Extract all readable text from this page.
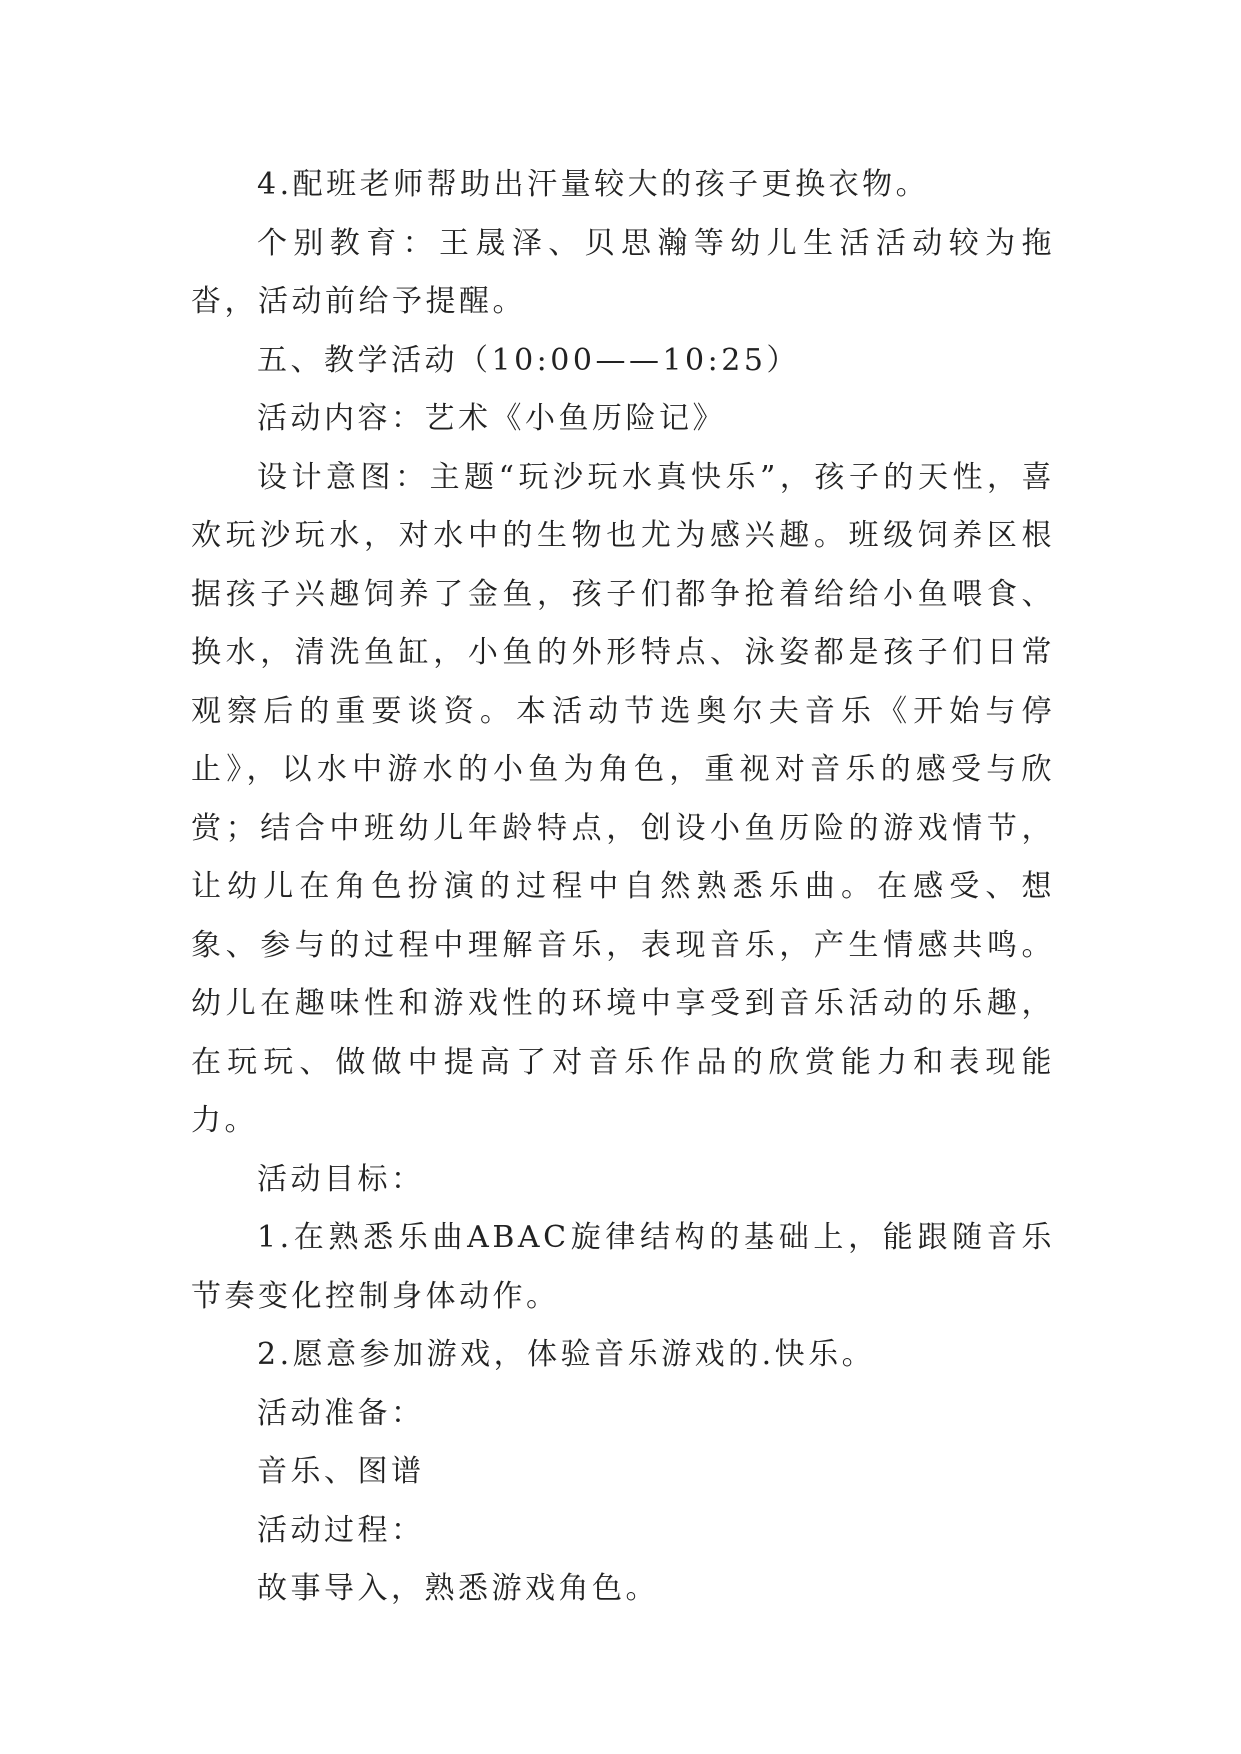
4.配班老师帮助出汗量较大的孩子更换衣物。

个别教育：王晟泽、贝思瀚等幼儿生活活动较为拖沓，活动前给予提醒。

五、教学活动（10:00——10:25）

活动内容：艺术《小鱼历险记》

设计意图：主题“玩沙玩水真快乐”，孩子的天性，喜欢玩沙玩水，对水中的生物也尤为感兴趣。班级饲养区根据孩子兴趣饲养了金鱼，孩子们都争抢着给给小鱼喂食、换水，清洗鱼缸，小鱼的外形特点、泳姿都是孩子们日常观察后的重要谈资。本活动节选奥尔夫音乐《开始与停止》，以水中游水的小鱼为角色，重视对音乐的感受与欣赏；结合中班幼儿年龄特点，创设小鱼历险的游戏情节，让幼儿在角色扮演的过程中自然熟悉乐曲。在感受、想象、参与的过程中理解音乐，表现音乐，产生情感共鸣。幼儿在趣味性和游戏性的环境中享受到音乐活动的乐趣，在玩玩、做做中提高了对音乐作品的欣赏能力和表现能力。

活动目标：

1.在熟悉乐曲ABAC旋律结构的基础上，能跟随音乐节奏变化控制身体动作。

2.愿意参加游戏，体验音乐游戏的.快乐。

活动准备：

音乐、图谱

活动过程：

故事导入，熟悉游戏角色。
